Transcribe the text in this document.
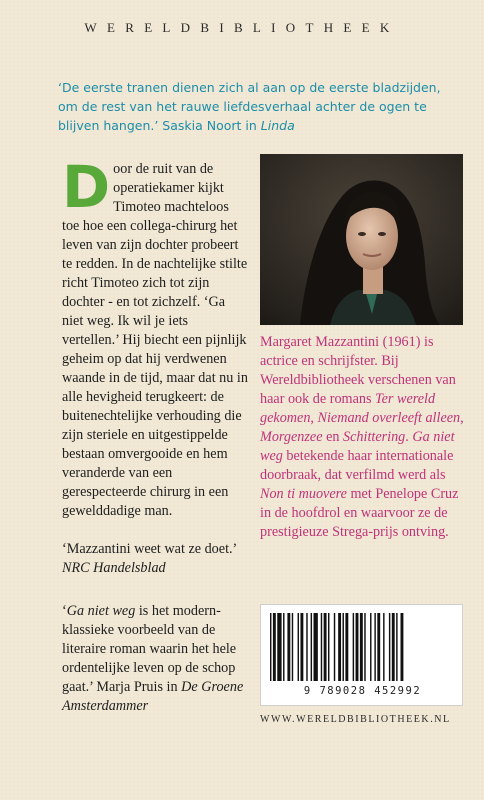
WERELDBIBLIOTHEEK
‘De eerste tranen dienen zich al aan op de eerste bladzijden, om de rest van het rauwe liefdesverhaal achter de ogen te blijven hangen.’ Saskia Noort in Linda

Door de ruit van de operatiekamer kijkt Timoteo machteloos toe hoe een collega-chirurg het leven van zijn dochter probeert te redden. In de nachtelijke stilte richt Timoteo zich tot zijn dochter - en tot zichzelf. ‘Ga niet weg. Ik wil je iets vertellen.’ Hij biecht een pijnlijk geheim op dat hij verdwenen waande in de tijd, maar dat nu in alle hevigheid terugkeert: de buitenechtelijke verhouding die zijn steriele en uitgestippelde bestaan omvergooide en hem veranderde van een gerespecteerde chirurg in een gewelddadige man.

‘Mazzantini weet wat ze doet.’
NRC Handelsblad
‘Ga niet weg is het modern-klassieke voorbeeld van de literaire roman waarin het hele ordentelijke leven op de schop gaat.’ Marja Pruis in De Groene Amsterdammer
Margaret Mazzantini (1961) is actrice en schrijfster. Bij Wereldbibliotheek verschenen van haar ook de romans Ter wereld gekomen, Niemand overleeft alleen, Morgenzee en Schittering. Ga niet weg betekende haar internationale doorbraak, dat verfilmd werd als Non ti muovere met Penelope Cruz in de hoofdrol en waarvoor ze de prestigieuze Strega-prijs ontving.
9 789028 452992
WWW.WERELDBIBLIOTHEEK.NL
